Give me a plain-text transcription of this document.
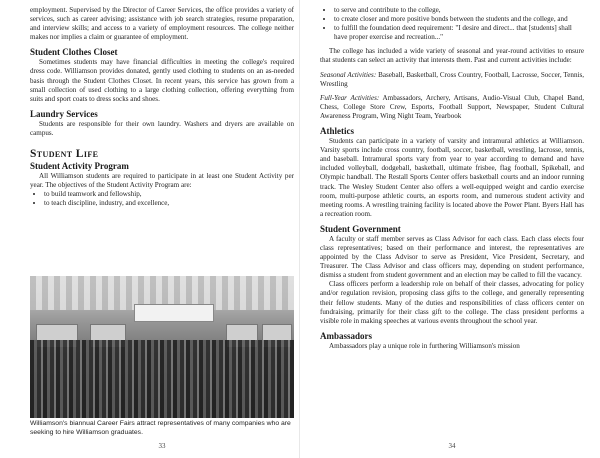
employment. Supervised by the Director of Career Services, the office provides a variety of services, such as career advising; assistance with job search strategies, resume preparation, and interview skills; and access to a variety of employment resources. The college neither makes nor implies a claim or guarantee of employment.

Student Clothes Closet

Sometimes students may have financial difficulties in meeting the college's required dress code. Williamson provides donated, gently used clothing to students on an as-needed basis through the Student Clothes Closet. In recent years, this service has grown from a small collection of used clothing to a large clothing collection, offering everything from suits and sport coats to dress socks and shoes.

Laundry Services

Students are responsible for their own laundry. Washers and dryers are available on campus.

Student Life
Student Activity Program

All Williamson students are required to participate in at least one Student Activity per year. The objectives of the Student Activity Program are:

• to build teamwork and fellowship,
• to teach discipline, industry, and excellence,
Williamson's biannual Career Fairs attract representatives of many companies who are seeking to hire Williamson graduates.
33
• to serve and contribute to the college,
• to create closer and more positive bonds between the students and the college, and
• to fulfill the foundation deed requirement: "I desire and direct... that [students] shall have proper exercise and recreation..."

The college has included a wide variety of seasonal and year-round activities to ensure that students can select an activity that interests them. Past and current activities include:

Seasonal Activities: Baseball, Basketball, Cross Country, Football, Lacrosse, Soccer, Tennis, Wrestling

Full-Year Activities: Ambassadors, Archery, Artisans, Audio-Visual Club, Chapel Band, Chess, College Store Crew, Esports, Football Support, Newspaper, Student Cultural Awareness Program, Wing Night Team, Yearbook

Athletics

Students can participate in a variety of varsity and intramural athletics at Williamson. Varsity sports include cross country, football, soccer, basketball, wrestling, lacrosse, tennis, and baseball. Intramural sports vary from year to year according to demand and have included volleyball, dodgeball, basketball, ultimate frisbee, flag football, Spikeball, and Olympic handball. The Restall Sports Center offers basketball courts and an indoor running track. The Wesley Student Center also offers a well-equipped weight and cardio exercise room, multi-purpose athletic courts, an esports room, and numerous student activity and meeting rooms. A wrestling training facility is located above the Power Plant. Byers Hall has a recreation room.

Student Government

A faculty or staff member serves as Class Advisor for each class. Each class elects four class representatives; based on their performance and interest, the representatives are appointed by the Class Advisor to serve as President, Vice President, Secretary, and Treasurer. The Class Advisor and class officers may, depending on student performance, dismiss a student from student government and an election may be called to fill the vacancy.

Class officers perform a leadership role on behalf of their classes, advocating for policy and/or regulation revision, proposing class gifts to the college, and generally representing their fellow students. Many of the duties and responsibilities of class officers center on fundraising, primarily for their class gift to the college. The class president performs a visible role in making speeches at various events throughout the school year.

Ambassadors

Ambassadors play a unique role in furthering Williamson's mission

34
